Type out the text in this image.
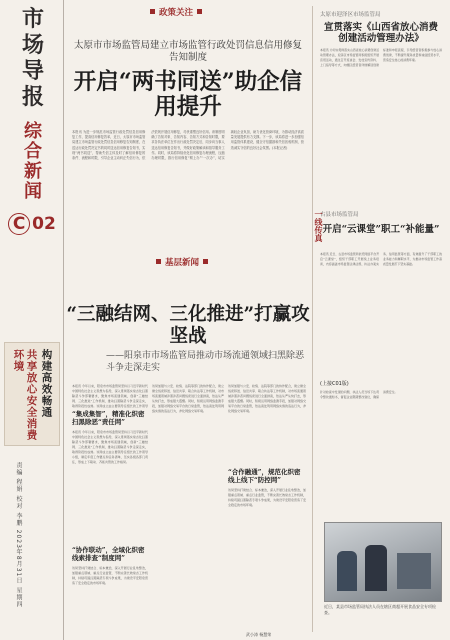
市
场
导
报
综
合
新
闻
C 02
构建高效畅通
共享放心安全消费环境
责编 程娟 校对 李鹏 2023年8月31日 星期四
政策关注
太原市市场监管局建立市场监管行政处罚信息信用修复告知制度
开启“两书同送”助企信用提升
本报讯 为进一步规范市场监管行政处罚信息信用修复工作，提高信用修复效率，近日，太原市市场监管局建立市场监管行政处罚信息信用修复告知制度，在送达行政处罚决定书的同时送达信用修复告知书，实现“两书同送”，帮助失信主体及时了解信用修复的条件、流程和时限，引导企业主动纠正失信行为，依法依规开展信用修复，尽快重塑良好信用。该制度明确了告知对象、告知内容、告知方式和告知时限，要求各执法单位在作出行政处罚决定后，同步向当事人送达信用修复告知书，并做好政策解读和指导服务工作。同时，该局将持续优化信用修复办理流程，压缩办理时限，推行信用修复“网上办”“一次办”，切实减轻企业负担，助力优化营商环境，为推动经济高质量发展提供有力支撑。下一步，该局将进一步加强信用监管体系建设，健全守信激励和失信惩戒机制，营造诚实守信的良好社会氛围。(本报记者)
一线传真
太原市迎泽区市场监管局
宣贯落实《山西省放心消费创建活动管理办法》
本报讯 为切实贯彻落实山西省放心消费创建活动管理办法，迎泽区市场监管局积极组织开展宣贯活动，通过召开座谈会、发放宣传资料、上门指导等方式，向辖区经营者详细解读创建标准和申报流程，引导经营者积极参与放心消费创建，不断提升服务质量和诚信经营水平，营造安全放心的消费环境。
古县市场监管局
开启“云课堂”职工“补能量”
本报讯 近日，古县市场监管局依托网络平台开启“云课堂”，组织干部职工开展线上业务培训，内容涵盖市场监管法律法规、执法办案实务、信用监管等方面，有效提升了干部职工的业务能力和履职水平，为推动市场监管工作高质量发展打下坚实基础。
(上接C01版)
针对检查中发现的问题，执法人员当场下达责令整改通知书，督促企业限期整改到位，确保消费安全。
近日，某县市场监管局执法人员在辖区商超开展食品安全专项检查。
基层新闻
“三融结网、三化推进”打赢攻坚战
——阳泉市市场监管局推动市场流通领域扫黑除恶斗争走深走实
本报讯 今年以来，阳泉市市场监管局坚持以习近平新时代中国特色社会主义思想为指导，深入贯彻落实常态化扫黑除恶斗争部署要求，聚焦市场流通领域，创新“三融结网、三化推进”工作机制，推动扫黑除恶斗争走深走实，取得阶段性成效。该局成立由主要领导任组长的工作领导
“集成集智”，精准化织密扫黑除恶“责任网”
本报讯 今年以来，阳泉市市场监管局坚持以习近平新时代中国特色社会主义思想为指导，深入贯彻落实常态化扫黑除恶斗争部署要求，聚焦市场流通领域，创新“三融结网、三化推进”工作机制，推动扫黑除恶斗争走深走实，取得阶段性成效。该局成立由主要领导任组长的工作领导小组，制定年度工作要点和任务清单，压实各级各部门责任，形成上下联动、齐抓共管的工作格局。
“协作联动”，全域化织密线索排查“制度网”
该局坚持打建结合、标本兼治，深入开展行业乱象整治，加强重点领域、重点行业监管，不断完善长效常态工作机制，持续巩固扫黑除恶专项斗争成果，为建设平安阳泉营造了安全稳定的市场环境。
该局加强与公安、检察、法院等部门的协作配合，建立健全线索移送、信息共享、联合执法等工作机制，对市场流通领域涉黑涉恶问题线索进行全面排查，依法从严从快打击，形成强大震慑。同时，积极运用网络监测手段，加强对网络交易平台的日常监管，依法查处利用网络实施的违法行为，净化网络交易环境。
该局加强与公安、检察、法院等部门的协作配合，建立健全线索移送、信息共享、联合执法等工作机制，对市场流通领域涉黑涉恶问题线索进行全面排查，依法从严从快打击，形成强大震慑。同时，积极运用网络监测手段，加强对网络交易平台的日常监管，依法查处利用网络实施的违法行为，净化网络交易环境。
“合作融通”，规范化织密线上线下“防控网”
该局坚持打建结合、标本兼治，深入开展行业乱象整治，加强重点领域、重点行业监管，不断完善长效常态工作机制，持续巩固扫黑除恶专项斗争成果，为建设平安阳泉营造了安全稳定的市场环境。
武小涛 杨慧荣
